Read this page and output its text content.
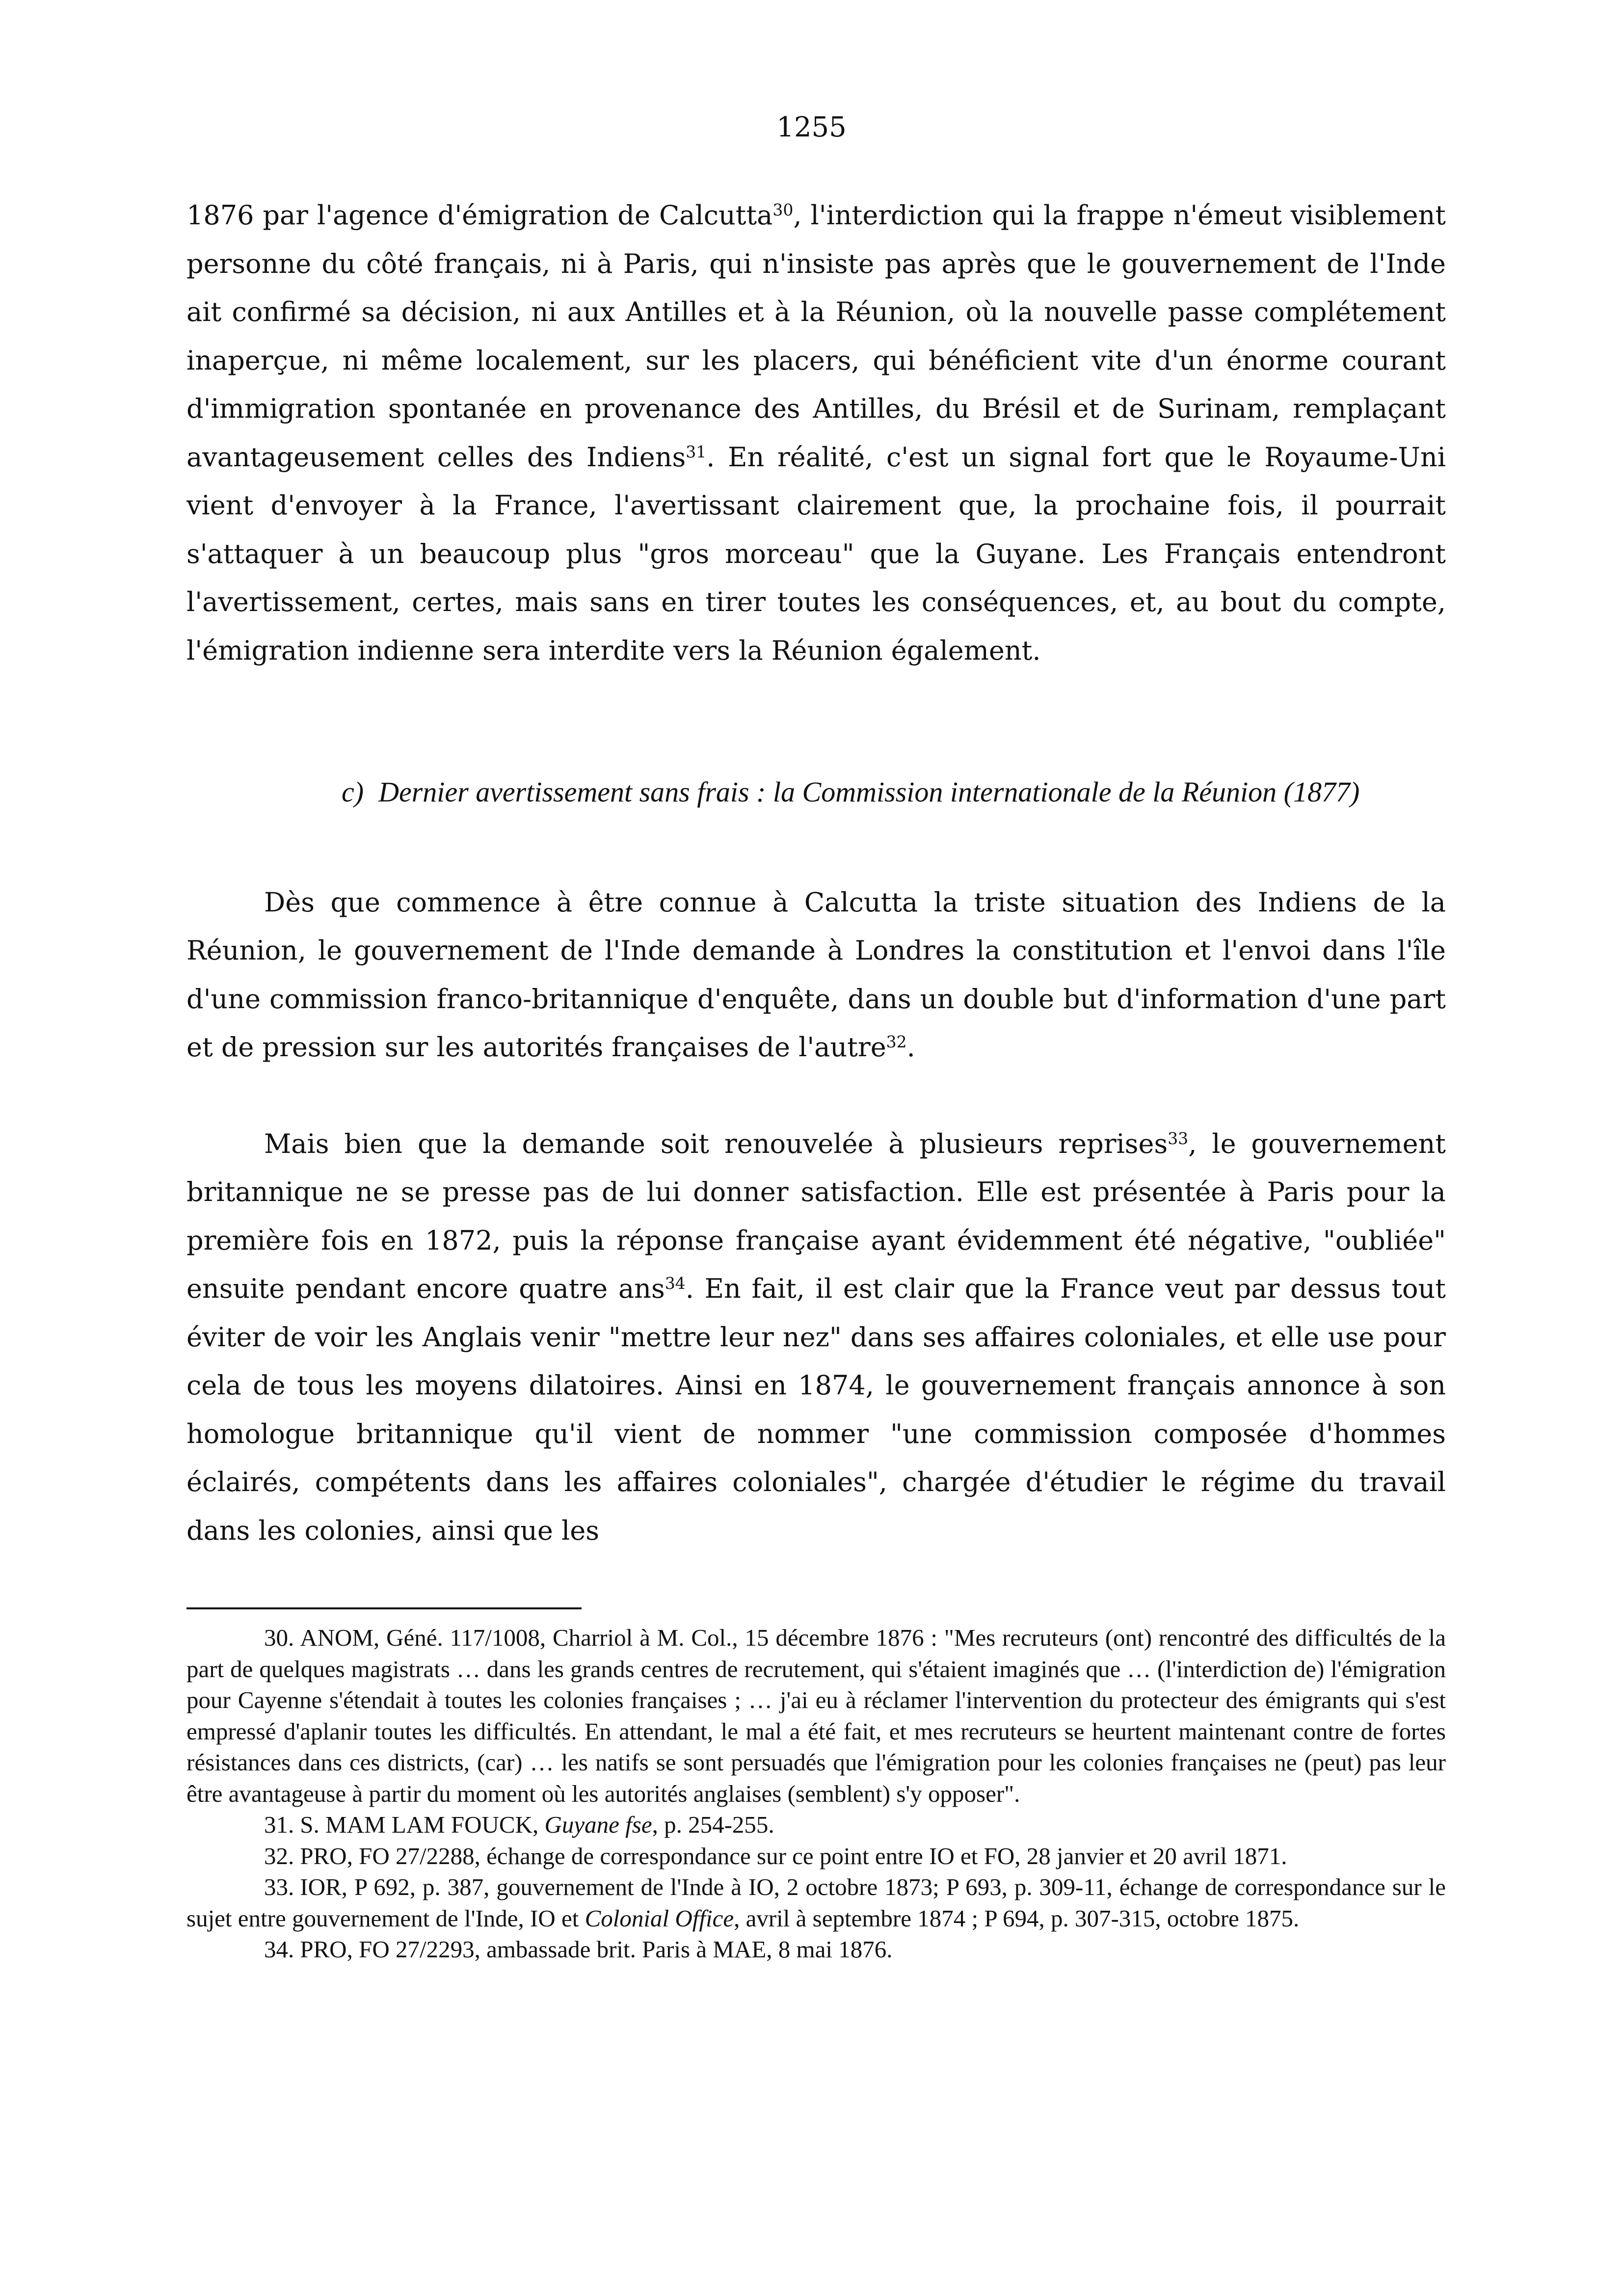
1255

1876 par l'agence d'émigration de Calcutta$^{30}$, l'interdiction qui la frappe n'émeut visiblement personne du côté français, ni à Paris, qui n'insiste pas après que le gouvernement de l'Inde ait confirmé sa décision, ni aux Antilles et à la Réunion, où la nouvelle passe complétement inaperçue, ni même localement, sur les placers, qui bénéficient vite d'un énorme courant d'immigration spontanée en provenance des Antilles, du Brésil et de Surinam, remplaçant avantageusement celles des Indiens$^{31}$. En réalité, c'est un signal fort que le Royaume-Uni vient d'envoyer à la France, l'avertissant clairement que, la prochaine fois, il pourrait s'attaquer à un beaucoup plus "gros morceau" que la Guyane. Les Français entendront l'avertissement, certes, mais sans en tirer toutes les conséquences, et, au bout du compte, l'émigration indienne sera interdite vers la Réunion également.

c) Dernier avertissement sans frais : la Commission internationale de la Réunion (1877)

Dès que commence à être connue à Calcutta la triste situation des Indiens de la Réunion, le gouvernement de l'Inde demande à Londres la constitution et l'envoi dans l'île d'une commission franco-britannique d'enquête, dans un double but d'information d'une part et de pression sur les autorités françaises de l'autre$^{32}$.

Mais bien que la demande soit renouvelée à plusieurs reprises$^{33}$, le gouvernement britannique ne se presse pas de lui donner satisfaction. Elle est présentée à Paris pour la première fois en 1872, puis la réponse française ayant évidemment été négative, "oubliée" ensuite pendant encore quatre ans$^{34}$. En fait, il est clair que la France veut par dessus tout éviter de voir les Anglais venir "mettre leur nez" dans ses affaires coloniales, et elle use pour cela de tous les moyens dilatoires. Ainsi en 1874, le gouvernement français annonce à son homologue britannique qu'il vient de nommer "une commission composée d'hommes éclairés, compétents dans les affaires coloniales", chargée d'étudier le régime du travail dans les colonies, ainsi que les

30. ANOM, Géné. 117/1008, Charriol à M. Col., 15 décembre 1876 : "Mes recruteurs (ont) rencontré des difficultés de la part de quelques magistrats … dans les grands centres de recrutement, qui s'étaient imaginés que … (l'interdiction de) l'émigration pour Cayenne s'étendait à toutes les colonies françaises ; … j'ai eu à réclamer l'intervention du protecteur des émigrants qui s'est empressé d'aplanir toutes les difficultés. En attendant, le mal a été fait, et mes recruteurs se heurtent maintenant contre de fortes résistances dans ces districts, (car) … les natifs se sont persuadés que l'émigration pour les colonies françaises ne (peut) pas leur être avantageuse à partir du moment où les autorités anglaises (semblent) s'y opposer".

31. S. MAM LAM FOUCK, Guyane fse, p. 254-255.

32. PRO, FO 27/2288, échange de correspondance sur ce point entre IO et FO, 28 janvier et 20 avril 1871.

33. IOR, P 692, p. 387, gouvernement de l'Inde à IO, 2 octobre 1873; P 693, p. 309-11, échange de correspondance sur le sujet entre gouvernement de l'Inde, IO et Colonial Office, avril à septembre 1874 ; P 694, p. 307-315, octobre 1875.

34. PRO, FO 27/2293, ambassade brit. Paris à MAE, 8 mai 1876.
